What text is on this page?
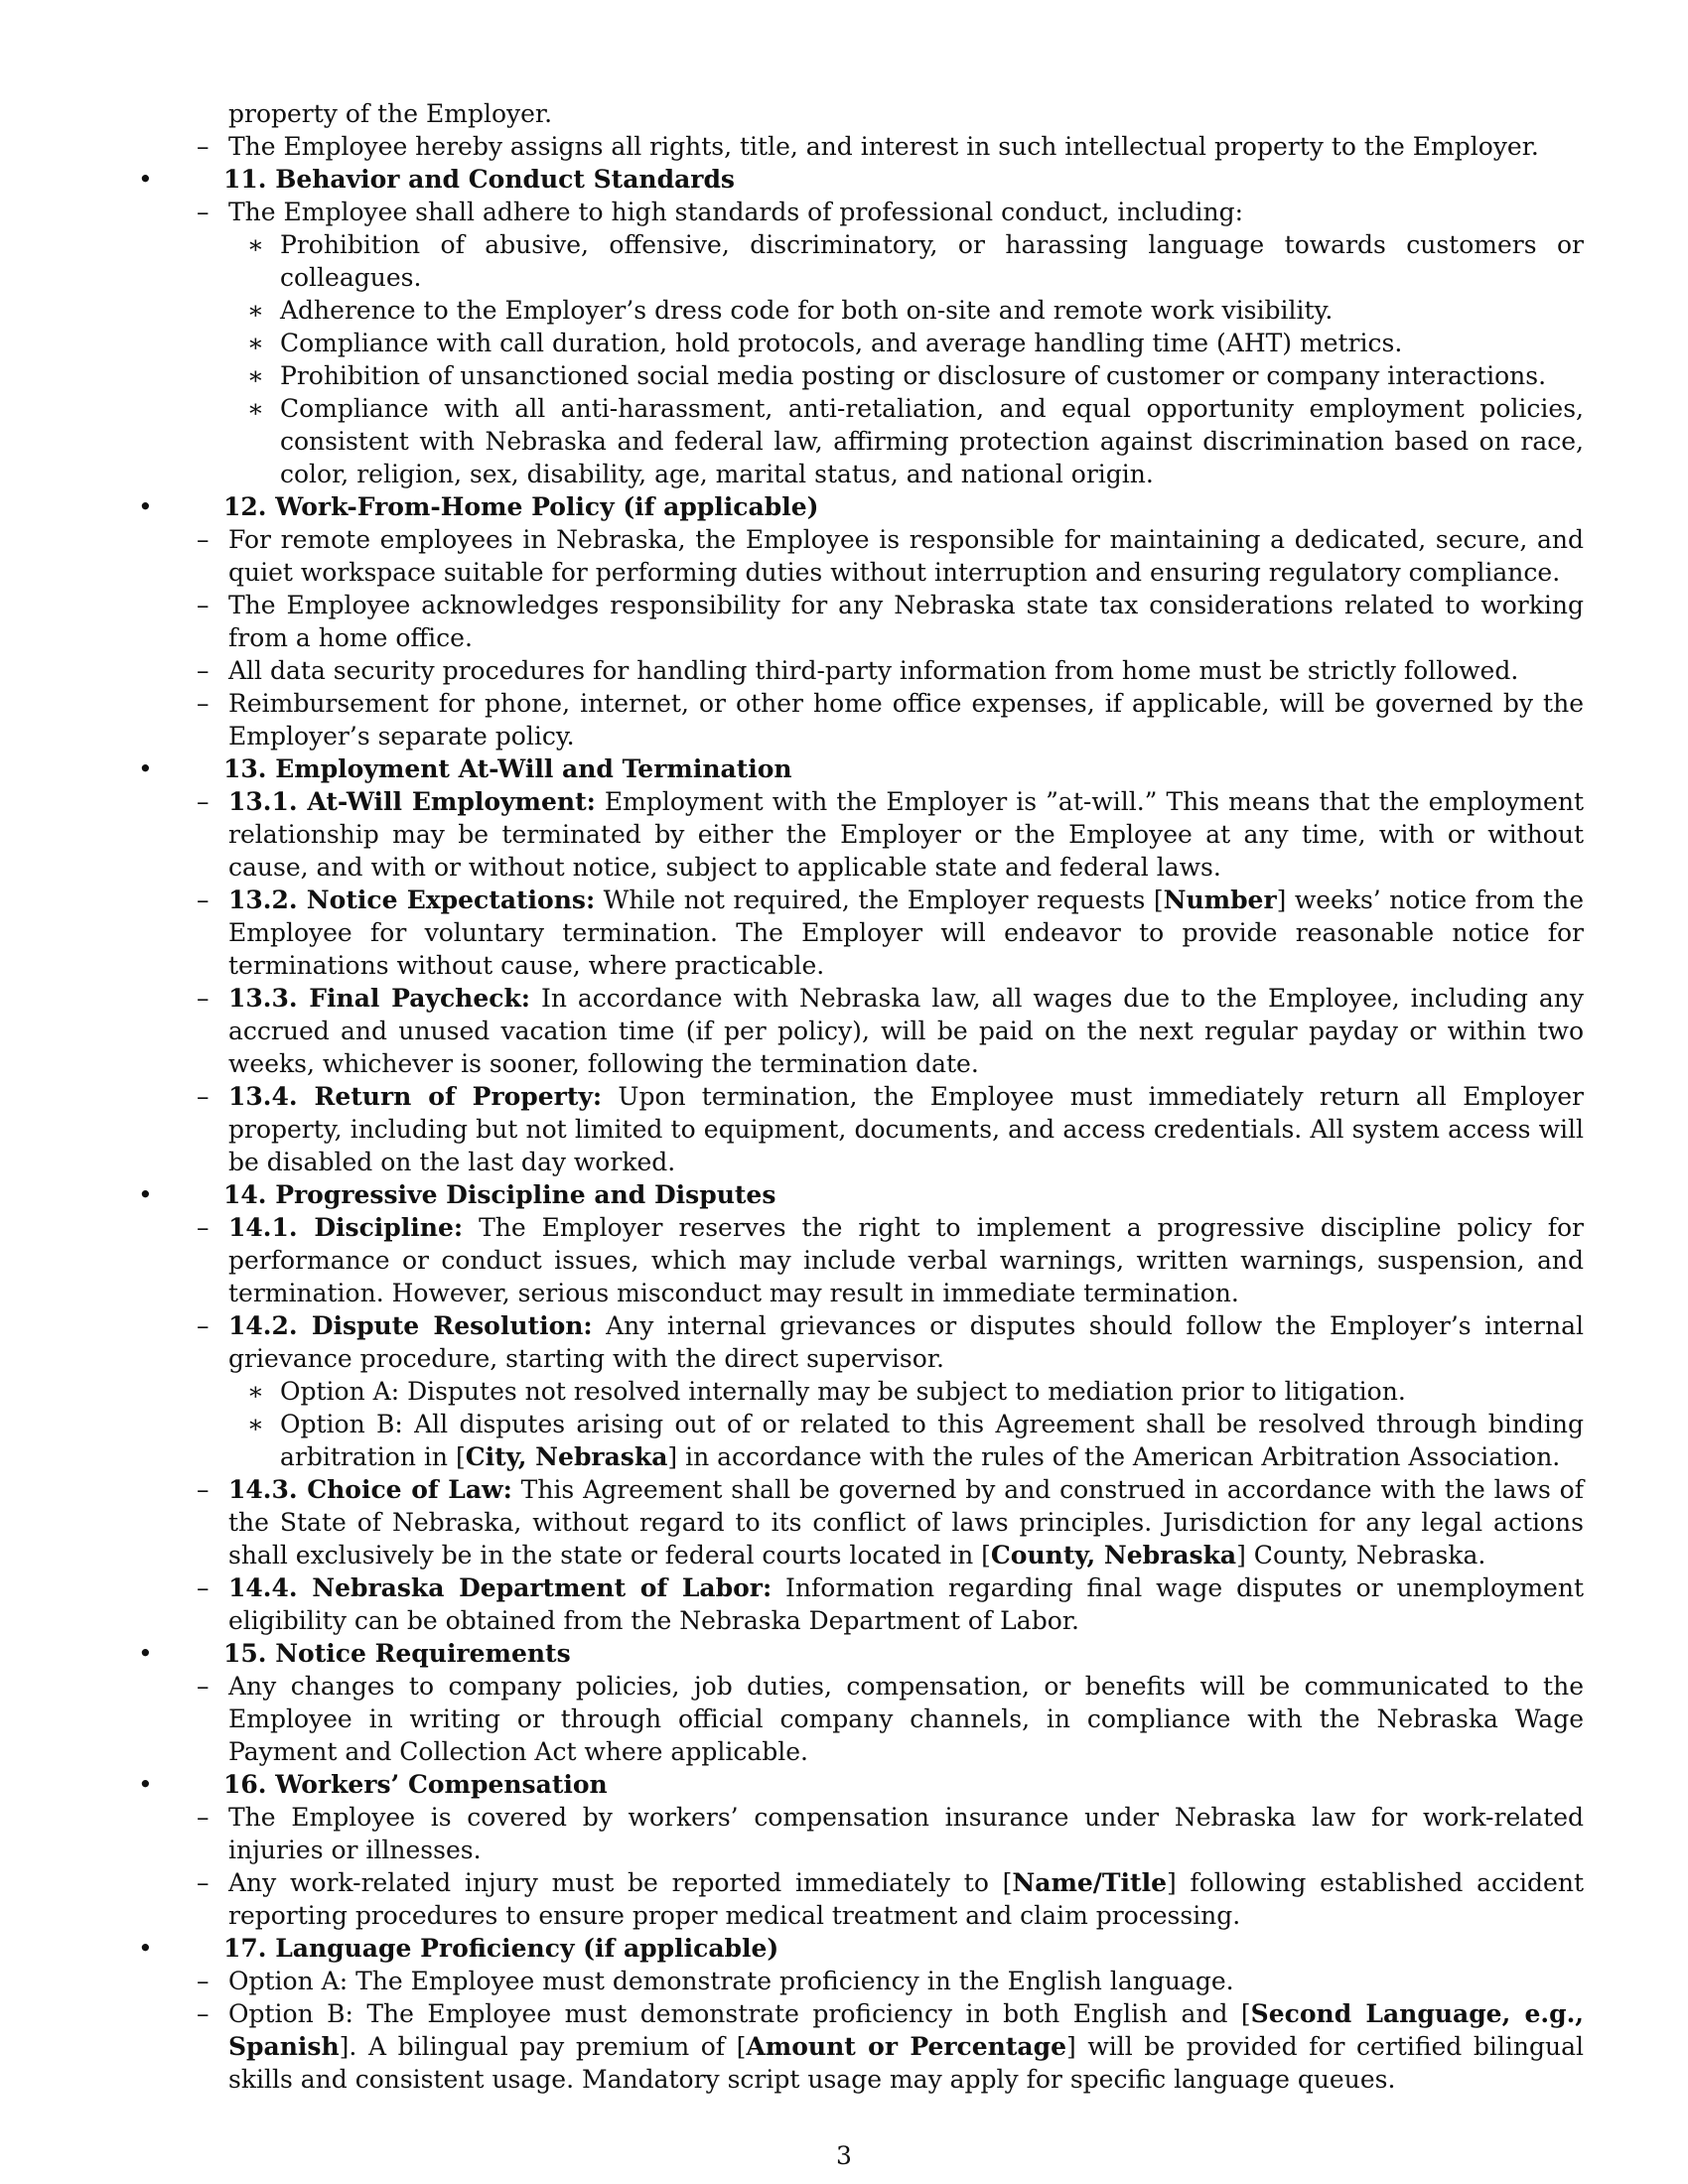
property of the Employer.
– The Employee hereby assigns all rights, title, and interest in such intellectual property to the Employer.
• 11. Behavior and Conduct Standards
– The Employee shall adhere to high standards of professional conduct, including:
∗ Prohibition of abusive, offensive, discriminatory, or harassing language towards customers or colleagues.
∗ Adherence to the Employer’s dress code for both on-site and remote work visibility.
∗ Compliance with call duration, hold protocols, and average handling time (AHT) metrics.
∗ Prohibition of unsanctioned social media posting or disclosure of customer or company interactions.
∗ Compliance with all anti-harassment, anti-retaliation, and equal opportunity employment policies, consistent with Nebraska and federal law, affirming protection against discrimination based on race, color, religion, sex, disability, age, marital status, and national origin.
• 12. Work-From-Home Policy (if applicable)
– For remote employees in Nebraska, the Employee is responsible for maintaining a dedicated, secure, and quiet workspace suitable for performing duties without interruption and ensuring regulatory compliance.
– The Employee acknowledges responsibility for any Nebraska state tax considerations related to working from a home office.
– All data security procedures for handling third-party information from home must be strictly followed.
– Reimbursement for phone, internet, or other home office expenses, if applicable, will be governed by the Employer’s separate policy.
• 13. Employment At-Will and Termination
– 13.1. At-Will Employment: Employment with the Employer is ”at-will.” This means that the employment relationship may be terminated by either the Employer or the Employee at any time, with or without cause, and with or without notice, subject to applicable state and federal laws.
– 13.2. Notice Expectations: While not required, the Employer requests [Number] weeks’ notice from the Employee for voluntary termination. The Employer will endeavor to provide reasonable notice for terminations without cause, where practicable.
– 13.3. Final Paycheck: In accordance with Nebraska law, all wages due to the Employee, including any accrued and unused vacation time (if per policy), will be paid on the next regular payday or within two weeks, whichever is sooner, following the termination date.
– 13.4. Return of Property: Upon termination, the Employee must immediately return all Employer property, including but not limited to equipment, documents, and access credentials. All system access will be disabled on the last day worked.
• 14. Progressive Discipline and Disputes
– 14.1. Discipline: The Employer reserves the right to implement a progressive discipline policy for performance or conduct issues, which may include verbal warnings, written warnings, suspension, and termination. However, serious misconduct may result in immediate termination.
– 14.2. Dispute Resolution: Any internal grievances or disputes should follow the Employer’s internal grievance procedure, starting with the direct supervisor.
∗ Option A: Disputes not resolved internally may be subject to mediation prior to litigation.
∗ Option B: All disputes arising out of or related to this Agreement shall be resolved through binding arbitration in [City, Nebraska] in accordance with the rules of the American Arbitration Association.
– 14.3. Choice of Law: This Agreement shall be governed by and construed in accordance with the laws of the State of Nebraska, without regard to its conflict of laws principles. Jurisdiction for any legal actions shall exclusively be in the state or federal courts located in [County, Nebraska] County, Nebraska.
– 14.4. Nebraska Department of Labor: Information regarding final wage disputes or unemployment eligibility can be obtained from the Nebraska Department of Labor.
• 15. Notice Requirements
– Any changes to company policies, job duties, compensation, or benefits will be communicated to the Employee in writing or through official company channels, in compliance with the Nebraska Wage Payment and Collection Act where applicable.
• 16. Workers’ Compensation
– The Employee is covered by workers’ compensation insurance under Nebraska law for work-related injuries or illnesses.
– Any work-related injury must be reported immediately to [Name/Title] following established accident reporting procedures to ensure proper medical treatment and claim processing.
• 17. Language Proficiency (if applicable)
– Option A: The Employee must demonstrate proficiency in the English language.
– Option B: The Employee must demonstrate proficiency in both English and [Second Language, e.g., Spanish]. A bilingual pay premium of [Amount or Percentage] will be provided for certified bilingual skills and consistent usage. Mandatory script usage may apply for specific language queues.
3
